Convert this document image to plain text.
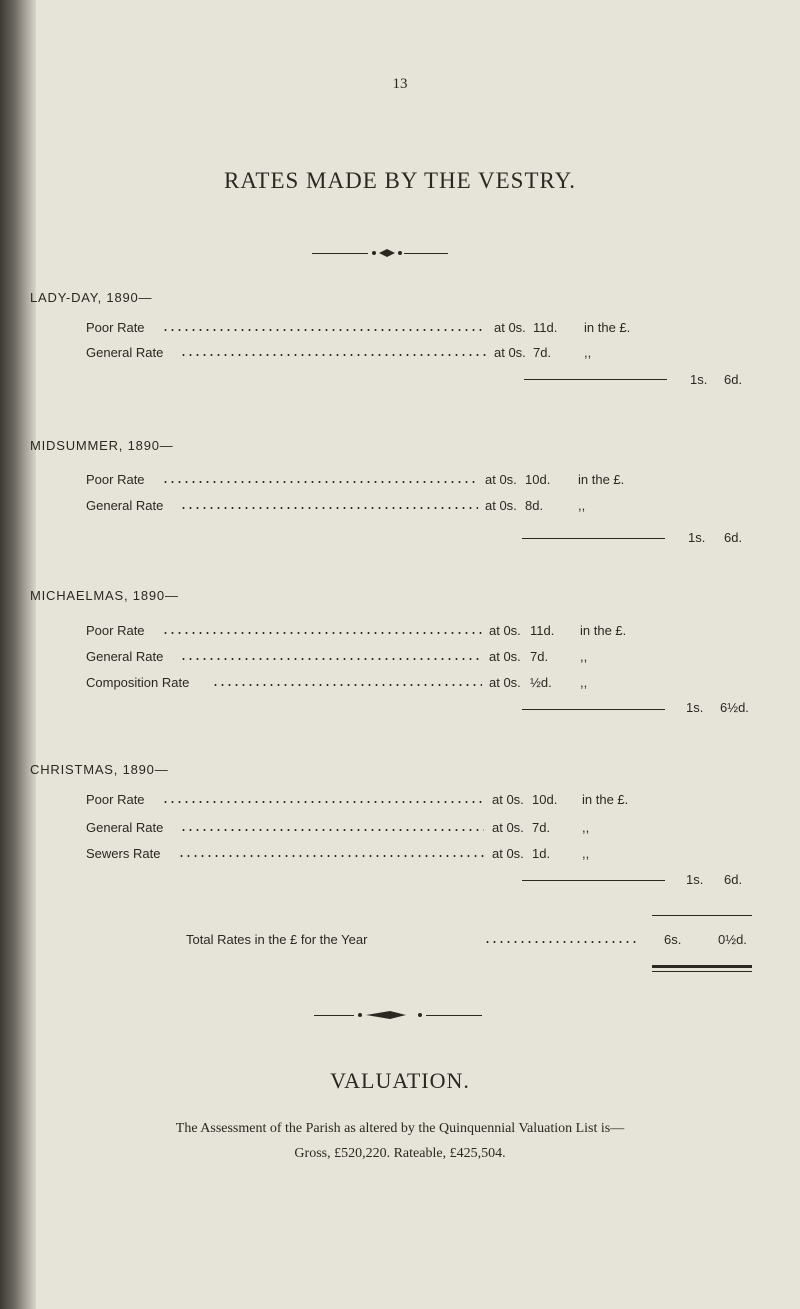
13
RATES MADE BY THE VESTRY.
LADY-DAY, 1890—
Poor Rate	at 0s. 11d. in the £.
General Rate	at 0s. 7d.	,,
1s. 6d.
MIDSUMMER, 1890—
Poor Rate	at 0s. 10d. in the £.
General Rate	at 0s. 8d.	,,
1s. 6d.
MICHAELMAS, 1890—
Poor Rate	at 0s. 11d. in the £.
General Rate	at 0s. 7d. ,,
Composition Rate	at 0s. ½d. ,,
1s. 6½d.
CHRISTMAS, 1890—
Poor Rate	at 0s. 10d. in the £.
General Rate	at 0s. 7d. ,,
Sewers Rate	at 0s. 1d. ,,
1s. 6d.
Total Rates in the £ for the Year	6s.	0½d.
VALUATION.
The Assessment of the Parish as altered by the Quinquennial Valuation List is—
Gross, £520,220. Rateable, £425,504.
